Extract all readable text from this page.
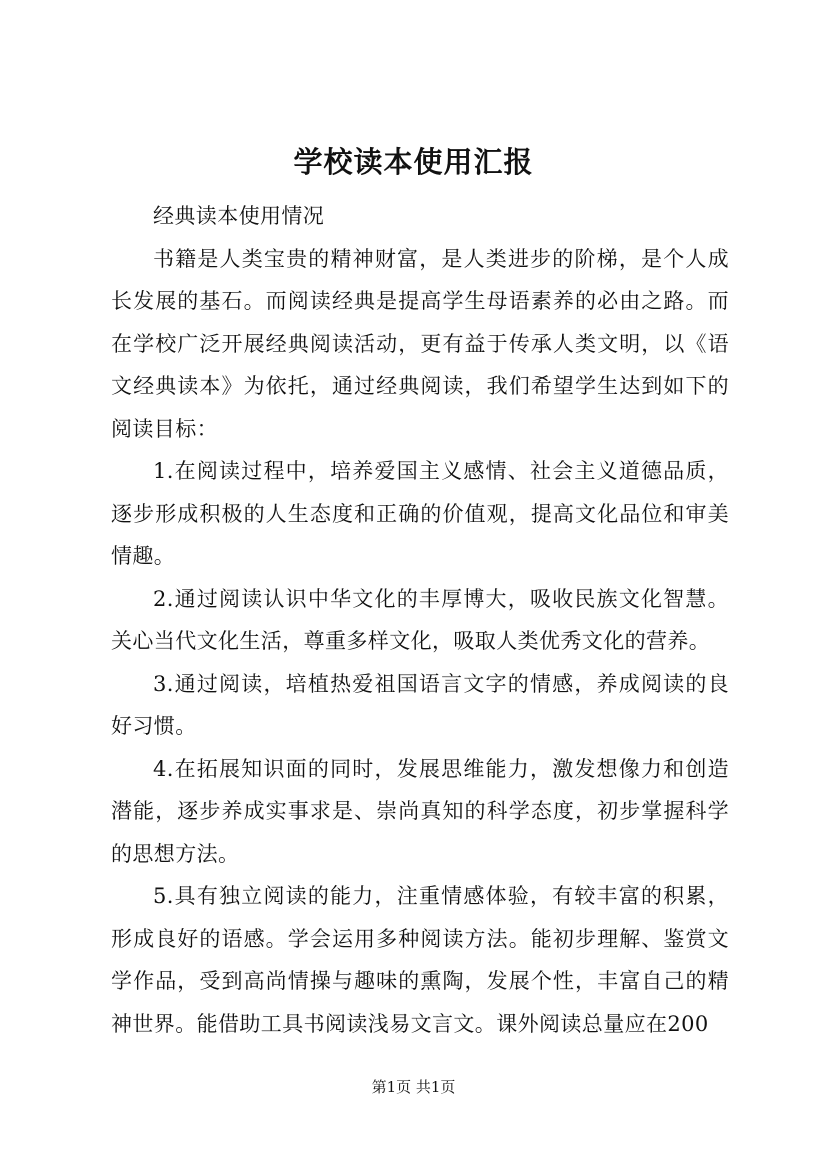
学校读本使用汇报

经典读本使用情况

书籍是人类宝贵的精神财富，是人类进步的阶梯，是个人成长发展的基石。而阅读经典是提高学生母语素养的必由之路。而在学校广泛开展经典阅读活动，更有益于传承人类文明，以《语文经典读本》为依托，通过经典阅读，我们希望学生达到如下的阅读目标：

1.在阅读过程中，培养爱国主义感情、社会主义道德品质，逐步形成积极的人生态度和正确的价值观，提高文化品位和审美情趣。

2.通过阅读认识中华文化的丰厚博大，吸收民族文化智慧。关心当代文化生活，尊重多样文化，吸取人类优秀文化的营养。

3.通过阅读，培植热爱祖国语言文字的情感，养成阅读的良好习惯。

4.在拓展知识面的同时，发展思维能力，激发想像力和创造潜能，逐步养成实事求是、崇尚真知的科学态度，初步掌握科学的思想方法。

5.具有独立阅读的能力，注重情感体验，有较丰富的积累，形成良好的语感。学会运用多种阅读方法。能初步理解、鉴赏文学作品，受到高尚情操与趣味的熏陶，发展个性，丰富自己的精神世界。能借助工具书阅读浅易文言文。课外阅读总量应在200

第1页 共1页
